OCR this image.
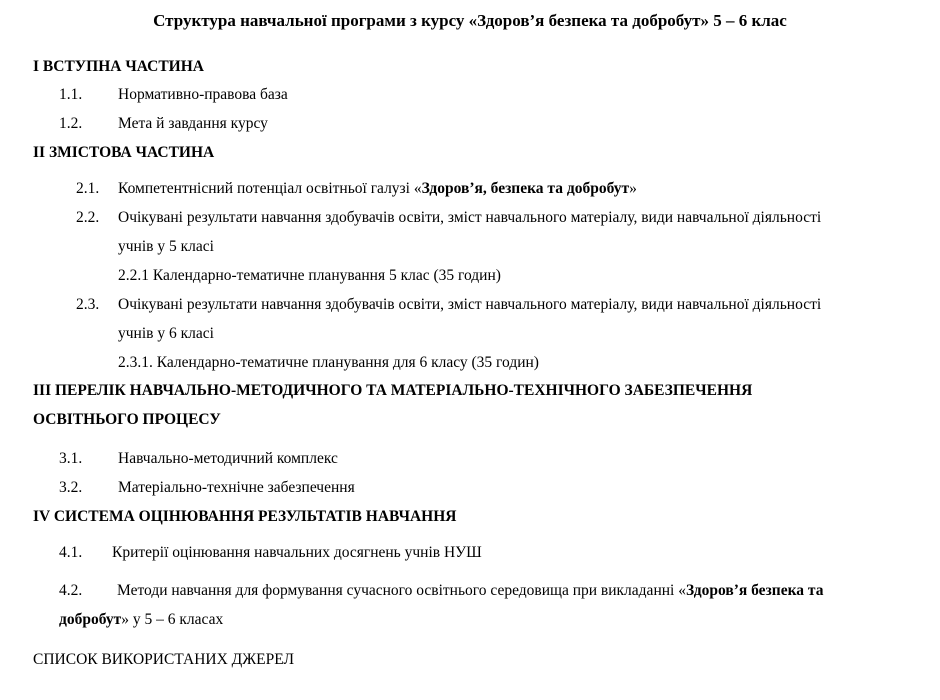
Структура навчальної програми з курсу «Здоров’я безпека та добробут» 5 – 6 клас
I ВСТУПНА ЧАСТИНА
1.1. Нормативно-правова база
1.2. Мета й завдання курсу
II ЗМІСТОВА ЧАСТИНА
2.1. Компетентнісний потенціал освітньої галузі «Здоров’я, безпека та добробут»
2.2. Очікувані результати навчання здобувачів освіти, зміст навчального матеріалу, види навчальної діяльності
учнів у 5 класі
2.2.1 Календарно-тематичне планування 5 клас (35 годин)
2.3. Очікувані результати навчання здобувачів освіти, зміст навчального матеріалу, види навчальної діяльності
учнів у 6 класі
2.3.1. Календарно-тематичне планування для 6 класу (35 годин)
III ПЕРЕЛІК НАВЧАЛЬНО-МЕТОДИЧНОГО ТА МАТЕРІАЛЬНО-ТЕХНІЧНОГО ЗАБЕЗПЕЧЕННЯ
ОСВІТНЬОГО ПРОЦЕСУ
3.1. Навчально-методичний комплекс
3.2. Матеріально-технічне забезпечення
IV СИСТЕМА ОЦІНЮВАННЯ РЕЗУЛЬТАТІВ НАВЧАННЯ
4.1. Критерії оцінювання навчальних досягнень учнів НУШ
4.2. Методи навчання для формування сучасного освітнього середовища при викладанні «Здоров’я безпека та
добробут» у 5 – 6 класах
СПИСОК ВИКОРИСТАНИХ ДЖЕРЕЛ
